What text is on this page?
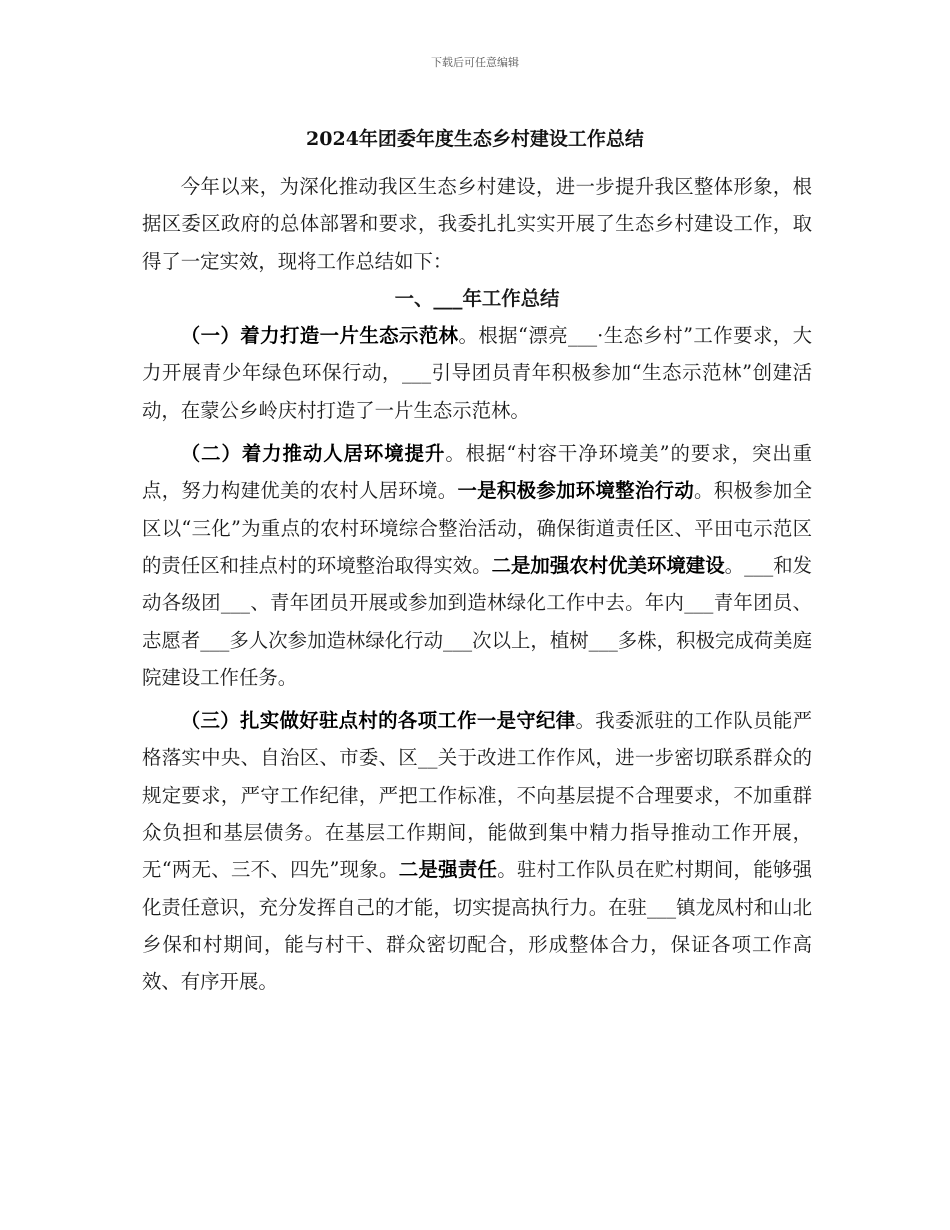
下载后可任意编辑
2024年团委年度生态乡村建设工作总结

今年以来，为深化推动我区生态乡村建设，进一步提升我区整体形象，根据区委区政府的总体部署和要求，我委扎扎实实开展了生态乡村建设工作，取得了一定实效，现将工作总结如下：

一、___年工作总结

（一）着力打造一片生态示范林。根据“漂亮___·生态乡村”工作要求，大力开展青少年绿色环保行动，___引导团员青年积极参加“生态示范林”创建活动，在蒙公乡岭庆村打造了一片生态示范林。

（二）着力推动人居环境提升。根据“村容干净环境美”的要求，突出重点，努力构建优美的农村人居环境。一是积极参加环境整治行动。积极参加全区以“三化”为重点的农村环境综合整治活动，确保街道责任区、平田屯示范区的责任区和挂点村的环境整治取得实效。二是加强农村优美环境建设。___和发动各级团___、青年团员开展或参加到造林绿化工作中去。年内___青年团员、志愿者___多人次参加造林绿化行动___次以上，植树___多株，积极完成荷美庭院建设工作任务。

（三）扎实做好驻点村的各项工作一是守纪律。我委派驻的工作队员能严格落实中央、自治区、市委、区__关于改进工作作风，进一步密切联系群众的规定要求，严守工作纪律，严把工作标准，不向基层提不合理要求，不加重群众负担和基层债务。在基层工作期间，能做到集中精力指导推动工作开展，无“两无、三不、四先”现象。二是强责任。驻村工作队员在贮村期间，能够强化责任意识，充分发挥自己的才能，切实提高执行力。在驻___镇龙凤村和山北乡保和村期间，能与村干、群众密切配合，形成整体合力，保证各项工作高效、有序开展。
